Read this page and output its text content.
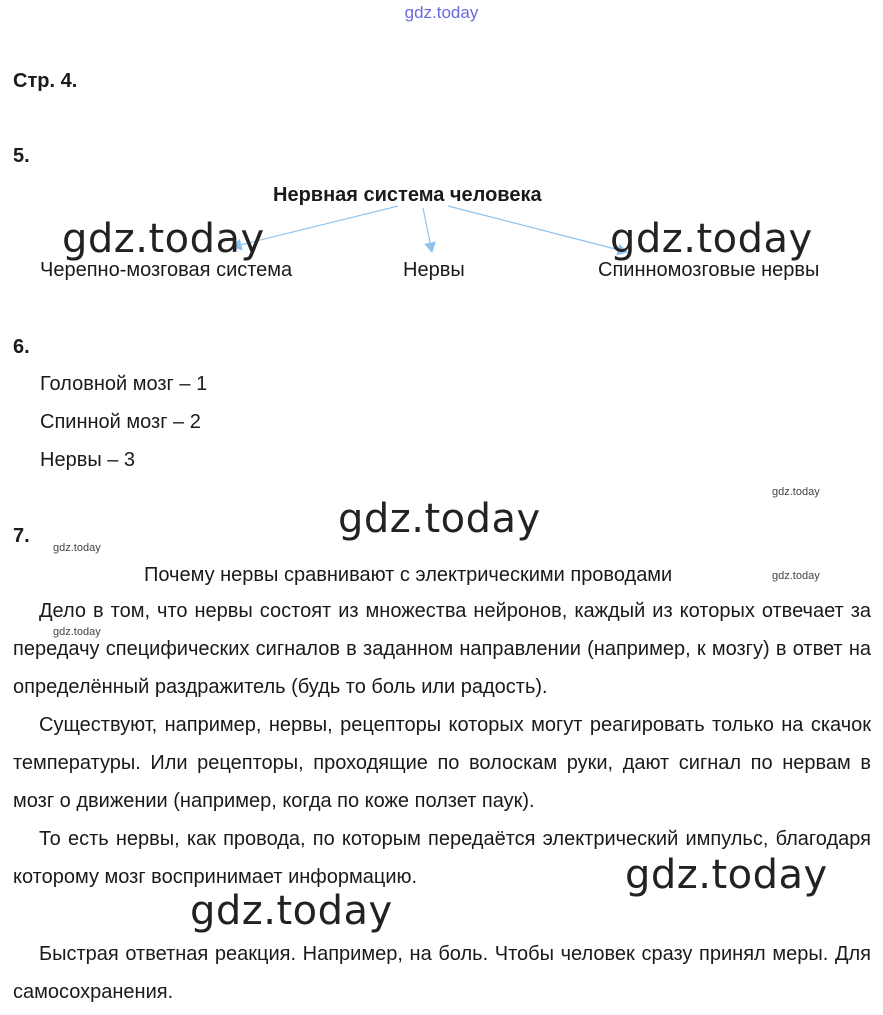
gdz.today
Стр. 4.
5.
Нервная система человека
Черепно-мозговая система	Нервы	Спинномозговые нервы
gdz.today	gdz.today
6.
Головной мозг – 1
Спинной мозг – 2
Нервы – 3
gdz.today
gdz.today
7.
gdz.today
Почему нервы сравнивают с электрическими проводами	gdz.today

Дело в том, что нервы состоят из множества нейронов, каждый из которых отвечает за передачу специфических сигналов в заданном направлении (например, к мозгу) в ответ на определённый раздражитель (будь то боль или радость).

gdz.today

Существуют, например, нервы, рецепторы которых могут реагировать только на скачок температуры. Или рецепторы, проходящие по волоскам руки, дают сигнал по нервам в мозг о движении (например, когда по коже ползет паук).

То есть нервы, как провода, по которым передаётся электрический импульс, благодаря которому мозг воспринимает информацию.	gdz.today
gdz.today

Быстрая ответная реакция. Например, на боль. Чтобы человек сразу принял меры. Для самосохранения.
